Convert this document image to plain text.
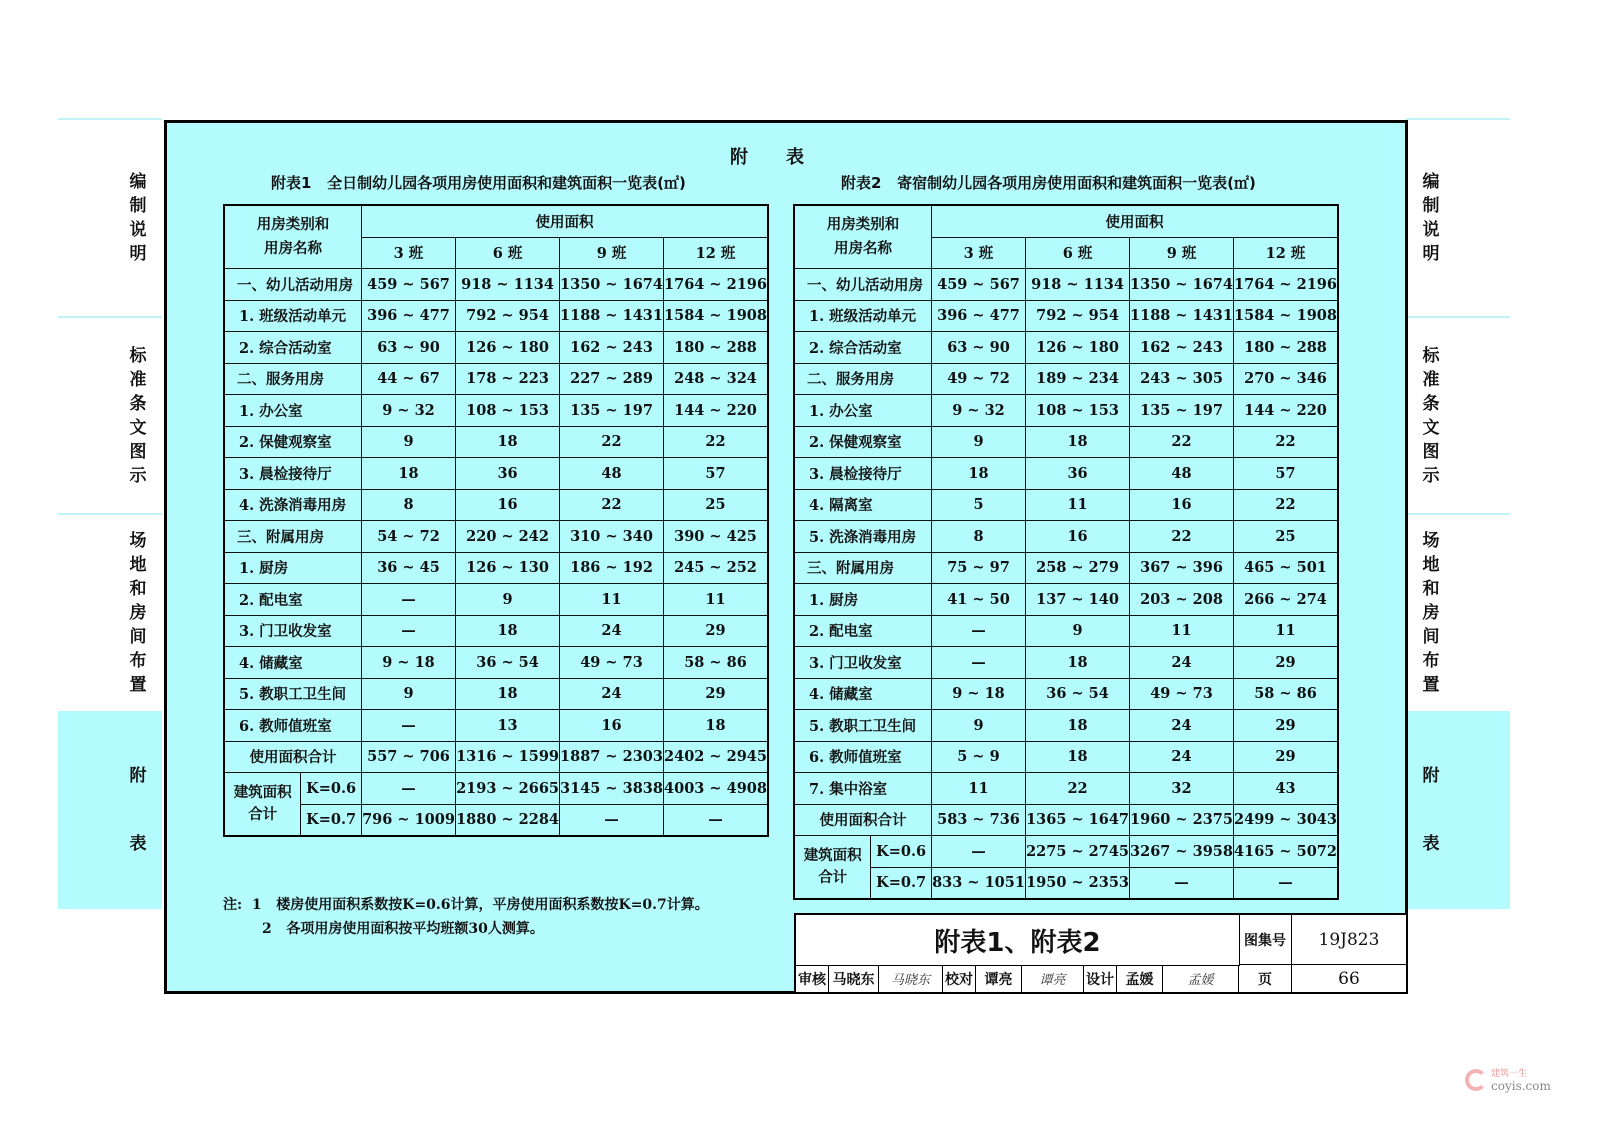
编
制
说
明
标
准
条
文
图
示
场
地
和
房
间
布
置
附
表
编
制
说
明
标
准
条
文
图
示
场
地
和
房
间
布
置
附
表
附表
附表1   全日制幼儿园各项用房使用面积和建筑面积一览表(㎡)	附表2   寄宿制幼儿园各项用房使用面积和建筑面积一览表(㎡)
用房类别和
用房名称		使用面积			
		3 班	6 班	9 班	12 班
一、幼儿活动用房		459 ~ 567	918 ~ 1134	1350 ~ 1674	1764 ~ 2196
1. 班级活动单元		396 ~ 477	792 ~ 954	1188 ~ 1431	1584 ~ 1908
2. 综合活动室		63 ~ 90	126 ~ 180	162 ~ 243	180 ~ 288
二、服务用房		44 ~ 67	178 ~ 223	227 ~ 289	248 ~ 324
1. 办公室		9 ~ 32	108 ~ 153	135 ~ 197	144 ~ 220
2. 保健观察室		9	18	22	22
3. 晨检接待厅		18	36	48	57
4. 洗涤消毒用房		8	16	22	25
三、附属用房		54 ~ 72	220 ~ 242	310 ~ 340	390 ~ 425
1. 厨房		36 ~ 45	126 ~ 130	186 ~ 192	245 ~ 252
2. 配电室		—	9	11	11
3. 门卫收发室		—	18	24	29
4. 储藏室		9 ~ 18	36 ~ 54	49 ~ 73	58 ~ 86
5. 教职工卫生间		9	18	24	29
6. 教师值班室		—	13	16	18
使用面积合计		557 ~ 706	1316 ~ 1599	1887 ~ 2303	2402 ~ 2945

建筑面积
合计	K=0.6	—	2193 ~ 2665	3145 ~ 3838	4003 ~ 4908
	K=0.7	796 ~ 1009	1880 ~ 2284	—	—
用房类别和
用房名称		使用面积			
		3 班	6 班	9 班	12 班
一、幼儿活动用房		459 ~ 567	918 ~ 1134	1350 ~ 1674	1764 ~ 2196
1. 班级活动单元		396 ~ 477	792 ~ 954	1188 ~ 1431	1584 ~ 1908
2. 综合活动室		63 ~ 90	126 ~ 180	162 ~ 243	180 ~ 288
二、服务用房		49 ~ 72	189 ~ 234	243 ~ 305	270 ~ 346
1. 办公室		9 ~ 32	108 ~ 153	135 ~ 197	144 ~ 220
2. 保健观察室		9	18	22	22
3. 晨检接待厅		18	36	48	57
4. 隔离室		5	11	16	22
5. 洗涤消毒用房		8	16	22	25
三、附属用房		75 ~ 97	258 ~ 279	367 ~ 396	465 ~ 501
1. 厨房		41 ~ 50	137 ~ 140	203 ~ 208	266 ~ 274
2. 配电室		—	9	11	11
3. 门卫收发室		—	18	24	29
4. 储藏室		9 ~ 18	36 ~ 54	49 ~ 73	58 ~ 86
5. 教职工卫生间		9	18	24	29
6. 教师值班室		5 ~ 9	18	24	29
7. 集中浴室		11	22	32	43
使用面积合计		583 ~ 736	1365 ~ 1647	1960 ~ 2375	2499 ~ 3043

建筑面积
合计	K=0.6	—	2275 ~ 2745	3267 ~ 3958	4165 ~ 5072
	K=0.7	833 ~ 1051	1950 ~ 2353	—	—
注:  1   楼房使用面积系数按K=0.6计算，平房使用面积系数按K=0.7计算。
2   各项用房使用面积按平均班额30人测算。	附表1、附表2	图集号	19J823
审核 马晓东	马晓东	校对 谭亮	谭亮	设计 孟媛	孟媛	页	66
建筑一生
coyis.com
